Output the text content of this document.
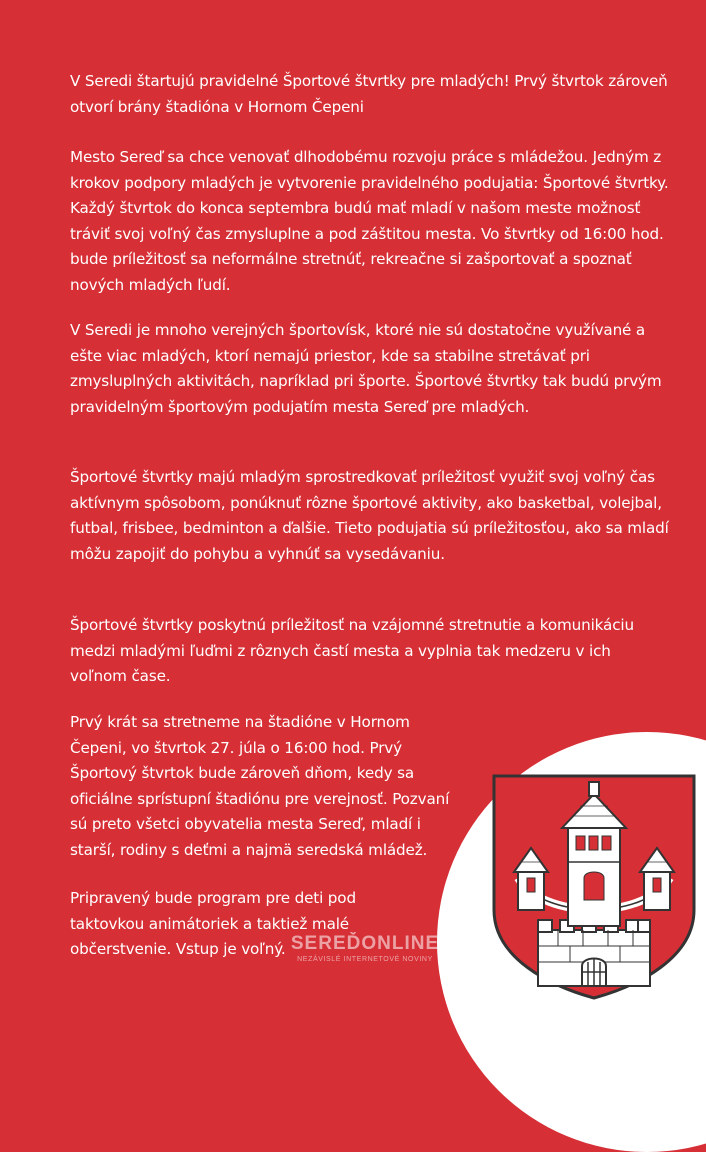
V Seredi štartujú pravidelné Športové štvrtky pre mladých! Prvý štvrtok zároveň otvorí brány štadióna v Hornom Čepeni

Mesto Sereď sa chce venovať dlhodobému rozvoju práce s mládežou. Jedným z krokov podpory mladých je vytvorenie pravidelného podujatia: Športové štvrtky. Každý štvrtok do konca septembra budú mať mladí v našom meste možnosť tráviť svoj voľný čas zmysluplne a pod záštitou mesta. Vo štvrtky od 16:00 hod. bude príležitosť sa neformálne stretnúť, rekreačne si zašportovať a spoznať nových mladých ľudí.

V Seredi je mnoho verejných športovísk, ktoré nie sú dostatočne využívané a ešte viac mladých, ktorí nemajú priestor, kde sa stabilne stretávať pri zmysluplných aktivitách, napríklad pri športe. Športové štvrtky tak budú prvým pravidelným športovým podujatím mesta Sereď pre mladých.

Športové štvrtky majú mladým sprostredkovať príležitosť využiť svoj voľný čas aktívnym spôsobom, ponúknuť rôzne športové aktivity, ako basketbal, volejbal, futbal, frisbee, bedminton a ďalšie. Tieto podujatia sú príležitosťou, ako sa mladí môžu zapojiť do pohybu a vyhnúť sa vysedávaniu.

Športové štvrtky poskytnú príležitosť na vzájomné stretnutie a komunikáciu medzi mladými ľuďmi z rôznych častí mesta a vyplnia tak medzeru v ich voľnom čase.

Prvý krát sa stretneme na štadióne v Hornom Čepeni, vo štvrtok 27. júla o 16:00 hod. Prvý Športový štvrtok bude zároveň dňom, kedy sa oficiálne sprístupní štadiónu pre verejnosť. Pozvaní sú preto všetci obyvatelia mesta Sereď, mladí i starší, rodiny s deťmi a najmä seredská mládež.

Pripravený bude program pre deti pod taktovkou animátoriek a taktiež malé občerstvenie. Vstup je voľný. SEREĎONLINE
NEZÁVISLÉ INTERNETOVÉ NOVINY
